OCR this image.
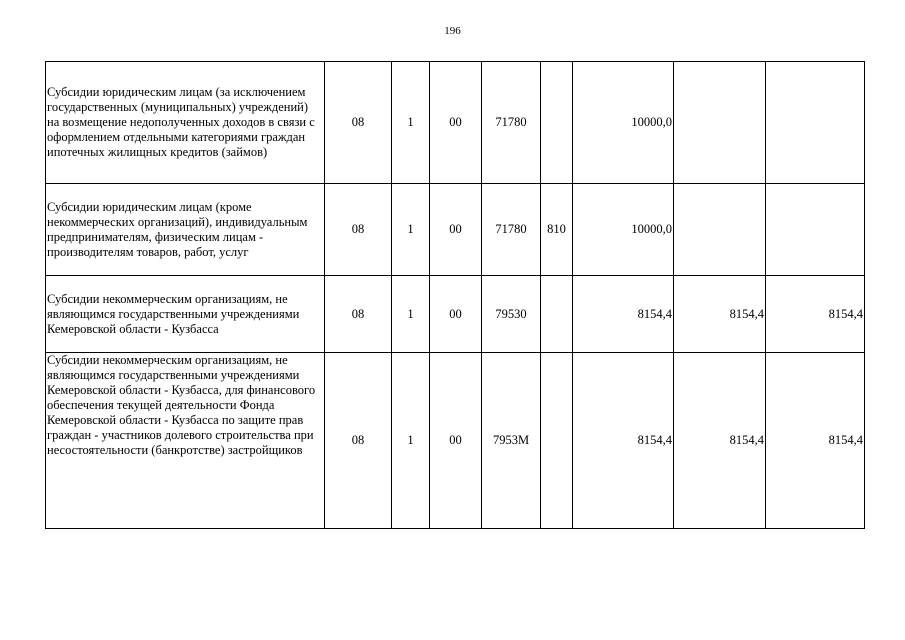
196
Субсидии юридическим лицам (за исключением государственных (муниципальных) учреждений) на возмещение недополученных доходов в связи с оформлением отдельными категориями граждан ипотечных жилищных кредитов (займов)	08	1	00	71780		10000,0		
Субсидии юридическим лицам (кроме некоммерческих организаций), индивидуальным предпринимателям, физическим лицам - производителям товаров, работ, услуг	08	1	00	71780	810	10000,0		
Субсидии некоммерческим организациям, не являющимся государственными учреждениями Кемеровской области - Кузбасса	08	1	00	79530		8154,4	8154,4	8154,4
Субсидии некоммерческим организациям, не являющимся государственными учреждениями Кемеровской области - Кузбасса, для финансового обеспечения текущей деятельности Фонда Кемеровской области - Кузбасса по защите прав граждан - участников долевого строительства при несостоятельности (банкротстве) застройщиков	08	1	00	7953М		8154,4	8154,4	8154,4
